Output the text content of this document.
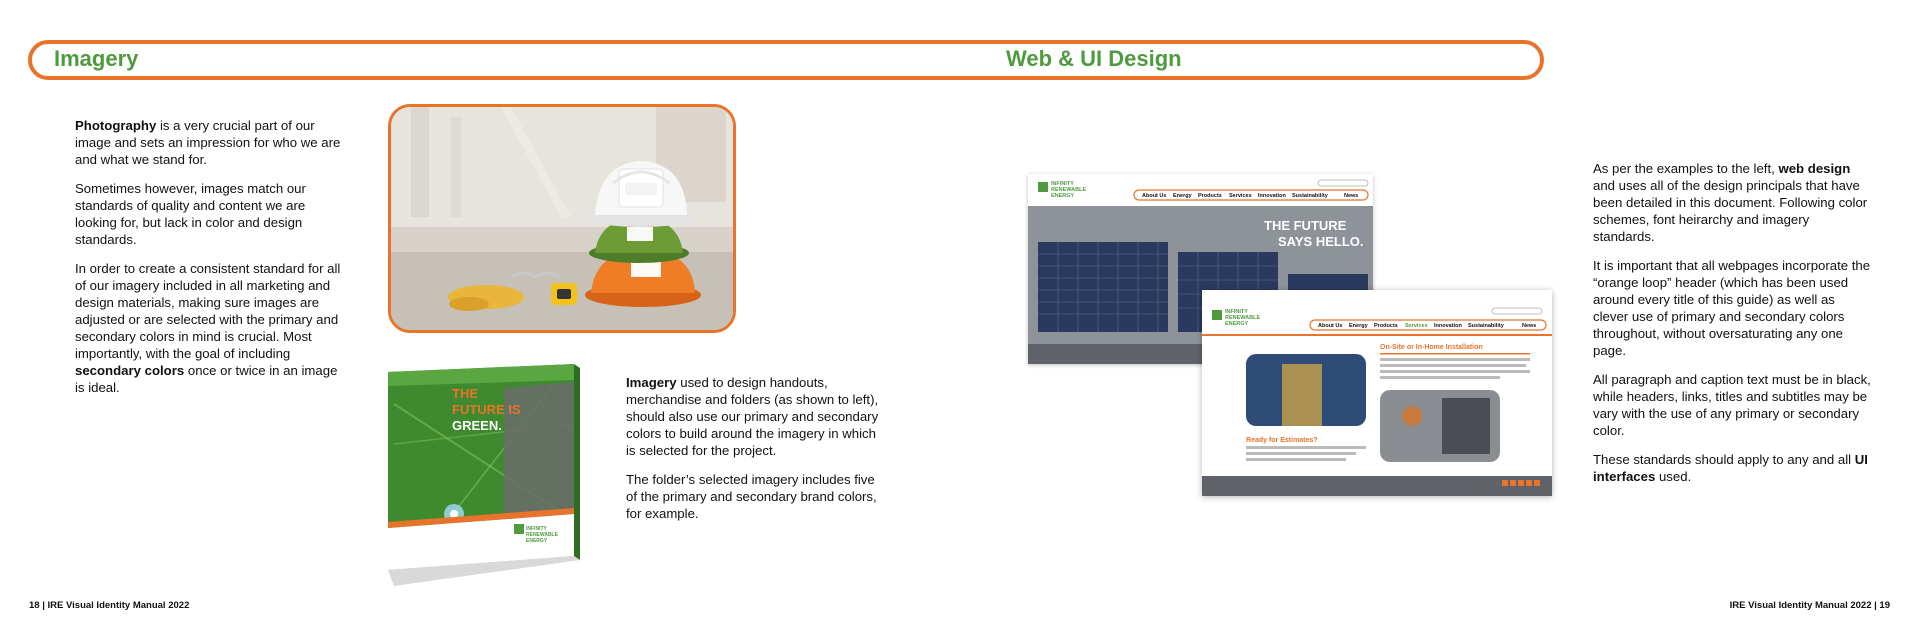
Imagery	Web & UI Design

Photography is a very crucial part of our image and sets an impression for who we are and what we stand for.

Sometimes however, images match our standards of quality and content we are looking for, but lack in color and design standards.

In order to create a consistent standard for all of our imagery included in all marketing and design materials, making sure images are adjusted or are selected with the primary and secondary colors in mind is crucial. Most importantly, with the goal of including secondary colors once or twice in an image is ideal.

INFINITY
RENEWABLE
ENERGY
THE
FUTURE IS
GREEN.

Imagery used to design handouts, merchandise and folders (as shown to left), should also use our primary and secondary colors to build around the imagery in which is selected for the project.

The folder’s selected imagery includes five of the primary and secondary brand colors, for example.

INFINITY
RENEWABLE
ENERGY	About Us Energy Products Services Innovation Sustainability	News
THE FUTURE
SAYS HELLO.
INFINITY
RENEWABLE
ENERGY	About Us Energy Products Services Innovation Sustainability	News
Ready for Estimates?
On-Site or In-Home Installation

As per the examples to the left, web design and uses all of the design principals that have been detailed in this document. Following color schemes, font heirarchy and imagery standards.

It is important that all webpages incorporate the “orange loop” header (which has been used around every title of this guide) as well as clever use of primary and secondary colors throughout, without oversaturating any one page.

All paragraph and caption text must be in black, while headers, links, titles and subtitles may be vary with the use of any primary or secondary color.

These standards should apply to any and all UI interfaces used.

18 | IRE Visual Identity Manual 2022	IRE Visual Identity Manual 2022 | 19
